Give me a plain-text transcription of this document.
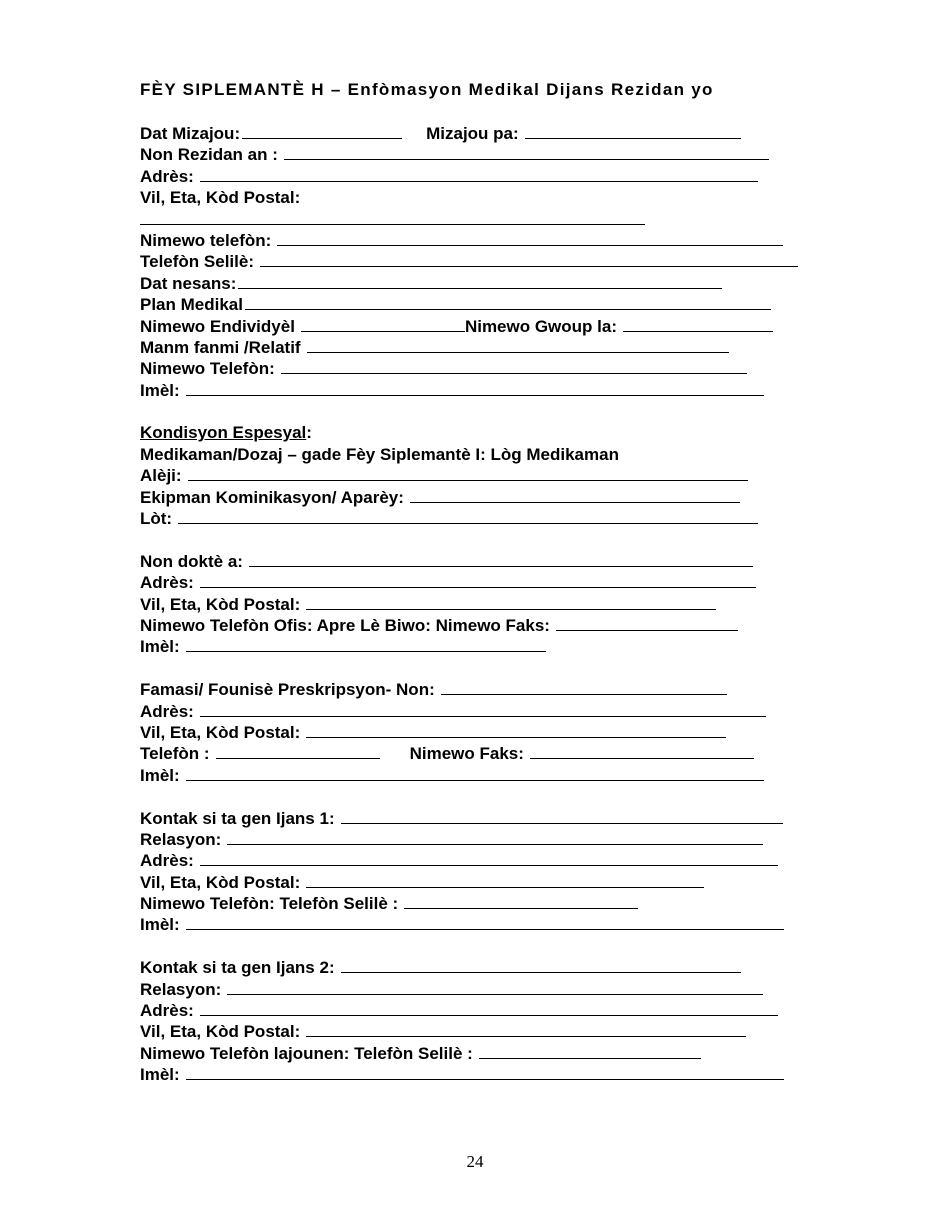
FÈY SIPLEMANTÈ H – Enfòmasyon Medikal Dijans Rezidan yo
Dat Mizajou:	Mizajou pa:
Non Rezidan an :
Adrès:
Vil, Eta, Kòd Postal:
Nimewo telefòn:
Telefòn Selilè:
Dat nesans:
Plan Medikal
Nimewo Endividyèl	Nimewo Gwoup la:
Manm fanmi /Relatif
Nimewo Telefòn:
Imèl:
Kondisyon Espesyal :
Medikaman/Dozaj – gade Fèy Siplemantè I: Lòg Medikaman
Alèji:
Ekipman Kominikasyon/ Aparèy:
Lòt:
Non doktè a:
Adrès:
Vil, Eta, Kòd Postal:
Nimewo Telefòn Ofis: Apre Lè Biwo: Nimewo Faks:
Imèl:
Famasi/ Founisè Preskripsyon- Non:
Adrès:
Vil, Eta, Kòd Postal:
Telefòn :	Nimewo Faks:
Imèl:
Kontak si ta gen Ijans 1:
Relasyon:
Adrès:
Vil, Eta, Kòd Postal:
Nimewo Telefòn: Telefòn Selilè :
Imèl:
Kontak si ta gen Ijans 2:
Relasyon:
Adrès:
Vil, Eta, Kòd Postal:
Nimewo Telefòn lajounen: Telefòn Selilè :
Imèl:
24
